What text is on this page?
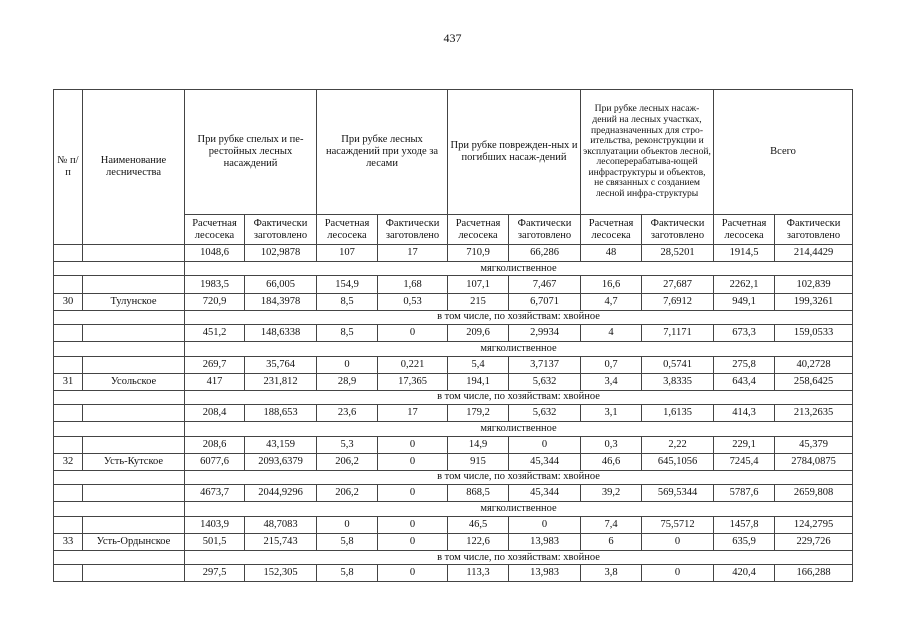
437
№ п/п	Наименование лесничества	При рубке спелых и пе-рестойных лесных насаждений		При рубке лесных насаждений при уходе за лесами		При рубке поврежден-ных и погибших насаж-дений		При рубке лесных насаж-дений на лесных участках, предназначенных для стро-ительства, реконструкции и эксплуатации объектов лесной, лесоперерабатыва-ющей инфраструктуры и объектов, не связанных с созданием лесной инфра-структуры		Всего	
		Расчетная лесосека	Фактически заготовлено	Расчетная лесосека	Фактически заготовлено	Расчетная лесосека	Фактически заготовлено	Расчетная лесосека	Фактически заготовлено	Расчетная лесосека	Фактически заготовлено
		1048,6	102,9878	107	17	710,9	66,286	48	28,5201	1914,5	214,4429
		мягколиственное									
		1983,5	66,005	154,9	1,68	107,1	7,467	16,6	27,687	2262,1	102,839
30	Тулунское	720,9	184,3978	8,5	0,53	215	6,7071	4,7	7,6912	949,1	199,3261
		в том числе, по хозяйствам: хвойное									
		451,2	148,6338	8,5	0	209,6	2,9934	4	7,1171	673,3	159,0533
		мягколиственное									
		269,7	35,764	0	0,221	5,4	3,7137	0,7	0,5741	275,8	40,2728
31	Усольское	417	231,812	28,9	17,365	194,1	5,632	3,4	3,8335	643,4	258,6425
		в том числе, по хозяйствам: хвойное									
		208,4	188,653	23,6	17	179,2	5,632	3,1	1,6135	414,3	213,2635
		мягколиственное									
		208,6	43,159	5,3	0	14,9	0	0,3	2,22	229,1	45,379
32	Усть-Кутское	6077,6	2093,6379	206,2	0	915	45,344	46,6	645,1056	7245,4	2784,0875
		в том числе, по хозяйствам: хвойное									
		4673,7	2044,9296	206,2	0	868,5	45,344	39,2	569,5344	5787,6	2659,808
		мягколиственное									
		1403,9	48,7083	0	0	46,5	0	7,4	75,5712	1457,8	124,2795
33	Усть-Ордынское	501,5	215,743	5,8	0	122,6	13,983	6	0	635,9	229,726
		в том числе, по хозяйствам: хвойное									
		297,5	152,305	5,8	0	113,3	13,983	3,8	0	420,4	166,288
